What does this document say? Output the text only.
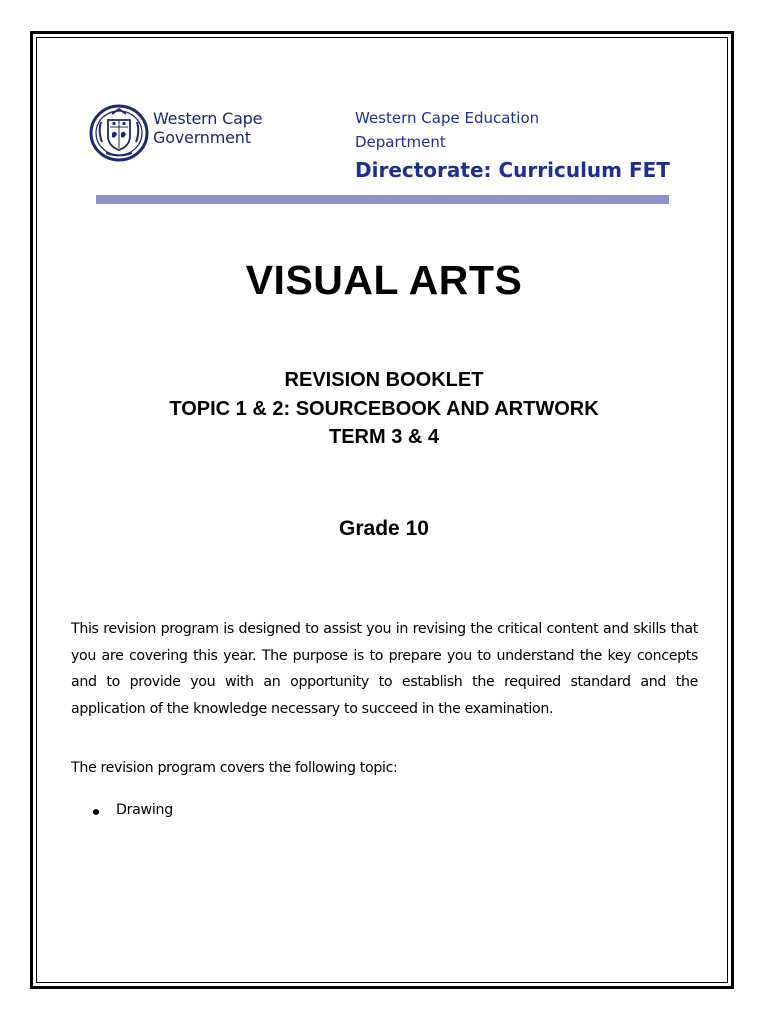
Western Cape
Government
Western Cape Education
Department
Directorate: Curriculum FET
VISUAL ARTS
REVISION BOOKLET
TOPIC 1 & 2: SOURCEBOOK AND ARTWORK
TERM 3 & 4
Grade 10
This revision program is designed to assist you in revising the critical content and skills that you are covering this year. The purpose is to prepare you to understand the key concepts and to provide you with an opportunity to establish the required standard and the application of the knowledge necessary to succeed in the examination.
The revision program covers the following topic:
Drawing
